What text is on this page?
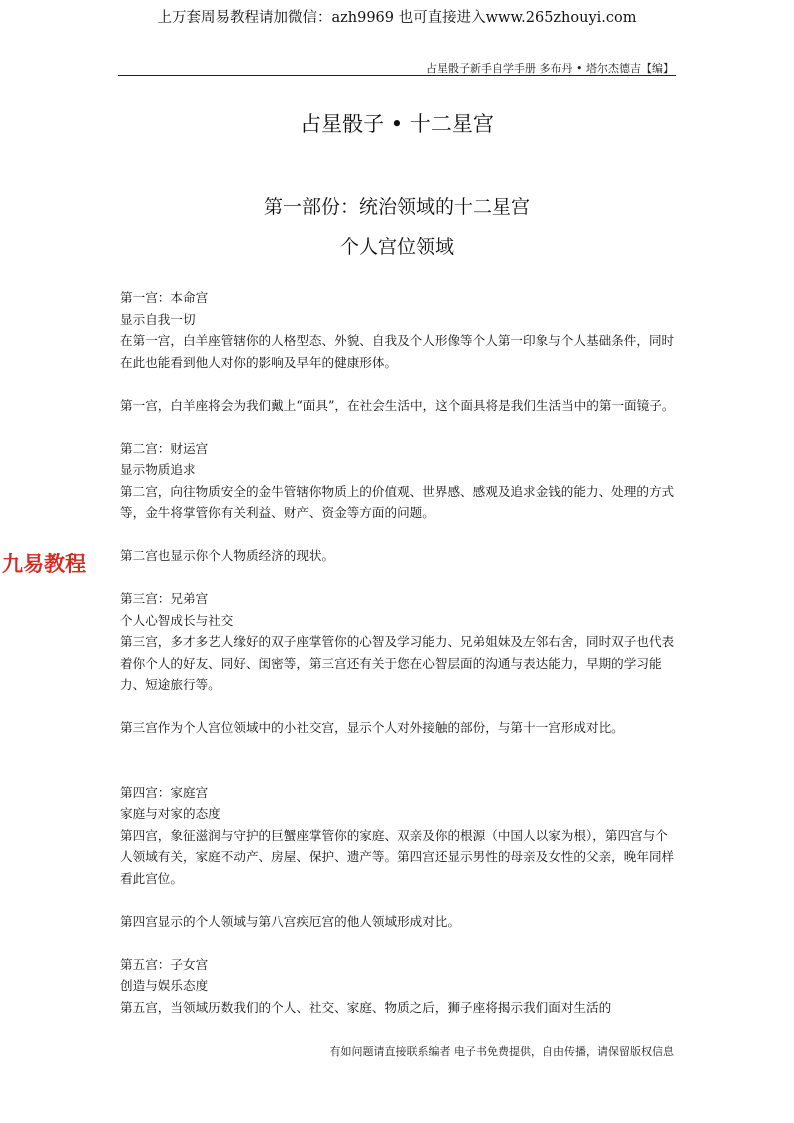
上万套周易教程请加微信：azh9969 也可直接进入www.265zhouyi.com
占星骰子新手自学手册 多布丹 • 塔尔杰德吉【编】
占星骰子 • 十二星宫
第一部份：统治领域的十二星宫
个人宫位领域

第一宫：本命宫

显示自我一切

在第一宫，白羊座管辖你的人格型态、外貌、自我及个人形像等个人第一印象与个人基础条件，同时在此也能看到他人对你的影响及早年的健康形体。

第一宫，白羊座将会为我们戴上“面具”，在社会生活中，这个面具将是我们生活当中的第一面镜子。

第二宫：财运宫

显示物质追求

第二宫，向往物质安全的金牛管辖你物质上的价值观、世界感、感观及追求金钱的能力、处理的方式等，金牛将掌管你有关利益、财产、资金等方面的问题。

第二宫也显示你个人物质经济的现状。

第三宫：兄弟宫

个人心智成长与社交

第三宫，多才多艺人缘好的双子座掌管你的心智及学习能力、兄弟姐妹及左邻右舍，同时双子也代表着你个人的好友、同好、闺密等，第三宫还有关于您在心智层面的沟通与表达能力，早期的学习能力、短途旅行等。

第三宫作为个人宫位领域中的小社交宫，显示个人对外接触的部份，与第十一宫形成对比。

第四宫：家庭宫

家庭与对家的态度

第四宫，象征滋润与守护的巨蟹座掌管你的家庭、双亲及你的根源（中国人以家为根），第四宫与个人领域有关，家庭不动产、房屋、保护、遗产等。第四宫还显示男性的母亲及女性的父亲，晚年同样看此宫位。

第四宫显示的个人领域与第八宫疾厄宫的他人领域形成对比。

第五宫：子女宫

创造与娱乐态度

第五宫，当领域历数我们的个人、社交、家庭、物质之后，狮子座将揭示我们面对生活的

九易教程
有如问题请直接联系编者 电子书免费提供，自由传播，请保留版权信息
